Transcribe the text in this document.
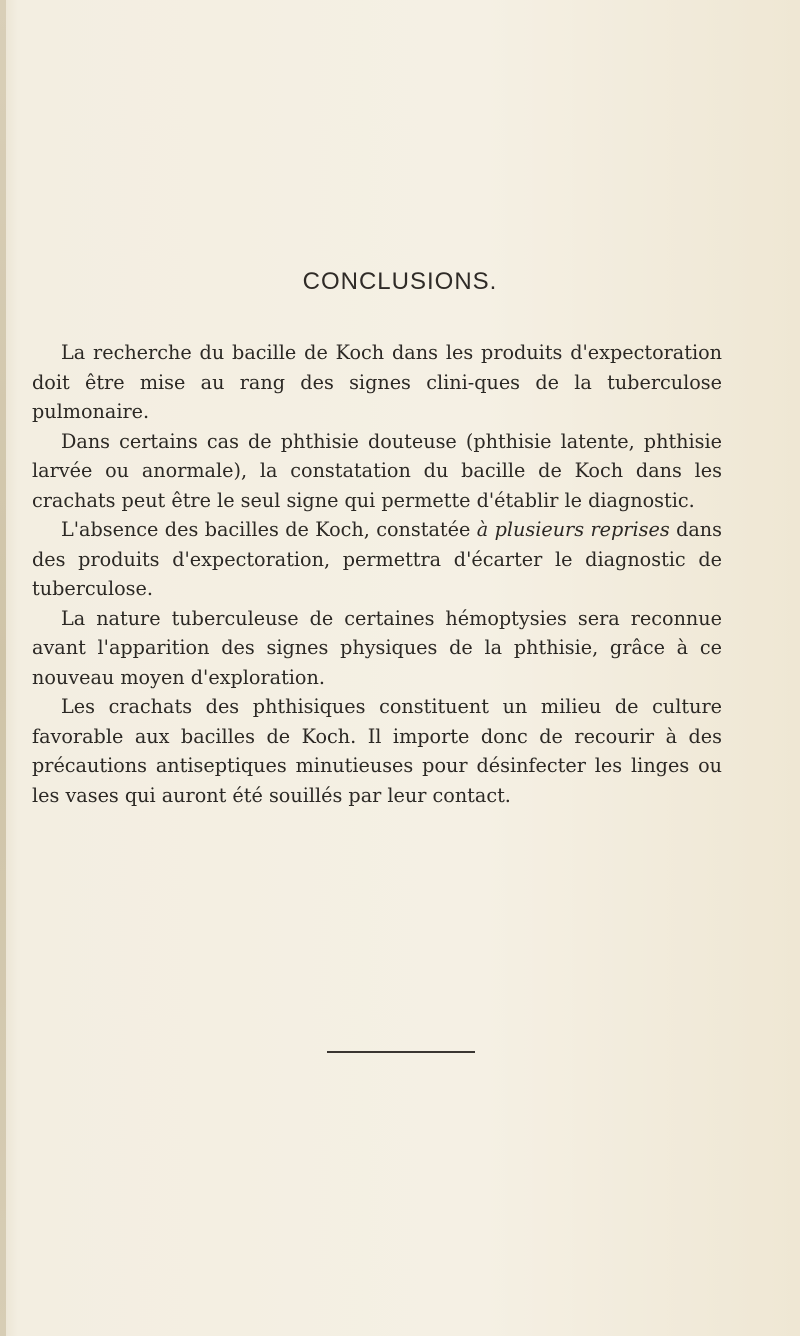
CONCLUSIONS.

La recherche du bacille de Koch dans les produits d'expectoration doit être mise au rang des signes clini-ques de la tuberculose pulmonaire.

Dans certains cas de phthisie douteuse (phthisie latente, phthisie larvée ou anormale), la constatation du bacille de Koch dans les crachats peut être le seul signe qui permette d'établir le diagnostic.

L'absence des bacilles de Koch, constatée à plusieurs reprises dans des produits d'expectoration, permettra d'écarter le diagnostic de tuberculose.

La nature tuberculeuse de certaines hémoptysies sera reconnue avant l'apparition des signes physiques de la phthisie, grâce à ce nouveau moyen d'exploration.

Les crachats des phthisiques constituent un milieu de culture favorable aux bacilles de Koch. Il importe donc de recourir à des précautions antiseptiques minutieuses pour désinfecter les linges ou les vases qui auront été souillés par leur contact.
